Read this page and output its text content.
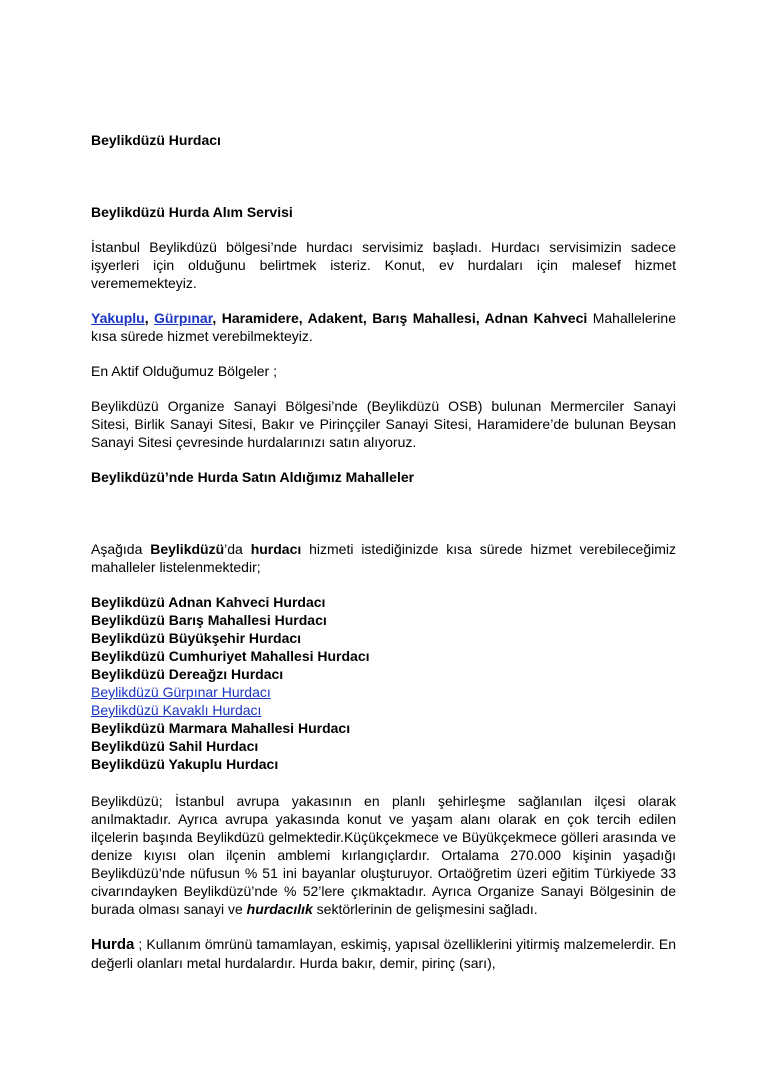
Beylikdüzü Hurdacı

Beylikdüzü Hurda Alım Servisi

İstanbul Beylikdüzü bölgesi’nde hurdacı servisimiz başladı. Hurdacı servisimizin sadece işyerleri için olduğunu belirtmek isteriz. Konut, ev hurdaları için malesef hizmet verememekteyiz.

Yakuplu, Gürpınar, Haramidere, Adakent, Barış Mahallesi, Adnan Kahveci Mahallelerine kısa sürede hizmet verebilmekteyiz.

En Aktif Olduğumuz Bölgeler ;

Beylikdüzü Organize Sanayi Bölgesi’nde (Beylikdüzü OSB) bulunan Mermerciler Sanayi Sitesi, Birlik Sanayi Sitesi, Bakır ve Pirinççiler Sanayi Sitesi, Haramidere’de bulunan Beysan Sanayi Sitesi çevresinde hurdalarınızı satın alıyoruz.

Beylikdüzü’nde Hurda Satın Aldığımız Mahalleler

Aşağıda Beylikdüzü’da hurdacı hizmeti istediğinizde kısa sürede hizmet verebileceğimiz mahalleler listelenmektedir;

Beylikdüzü Adnan Kahveci Hurdacı

Beylikdüzü Barış Mahallesi Hurdacı

Beylikdüzü Büyükşehir Hurdacı

Beylikdüzü Cumhuriyet Mahallesi Hurdacı

Beylikdüzü Dereağzı Hurdacı

Beylikdüzü Gürpınar Hurdacı

Beylikdüzü Kavaklı Hurdacı

Beylikdüzü Marmara Mahallesi Hurdacı

Beylikdüzü Sahil Hurdacı

Beylikdüzü Yakuplu Hurdacı

Beylikdüzü; İstanbul avrupa yakasının en planlı şehirleşme sağlanılan ilçesi olarak anılmaktadır. Ayrıca avrupa yakasında konut ve yaşam alanı olarak en çok tercih edilen ilçelerin başında Beylikdüzü gelmektedir.Küçükçekmece ve Büyükçekmece gölleri arasında ve denize kıyısı olan ilçenin amblemi kırlangıçlardır. Ortalama 270.000 kişinin yaşadığı Beylikdüzü’nde nüfusun % 51 ini bayanlar oluşturuyor. Ortaöğretim üzeri eğitim Türkiyede 33 civarındayken Beylikdüzü’nde % 52’lere çıkmaktadır. Ayrıca Organize Sanayi Bölgesinin de burada olması sanayi ve hurdacılık sektörlerinin de gelişmesini sağladı.

Hurda ; Kullanım ömrünü tamamlayan, eskimiş, yapısal özelliklerini yitirmiş malzemelerdir. En değerli olanları metal hurdalardır. Hurda bakır, demir, pirinç (sarı),
